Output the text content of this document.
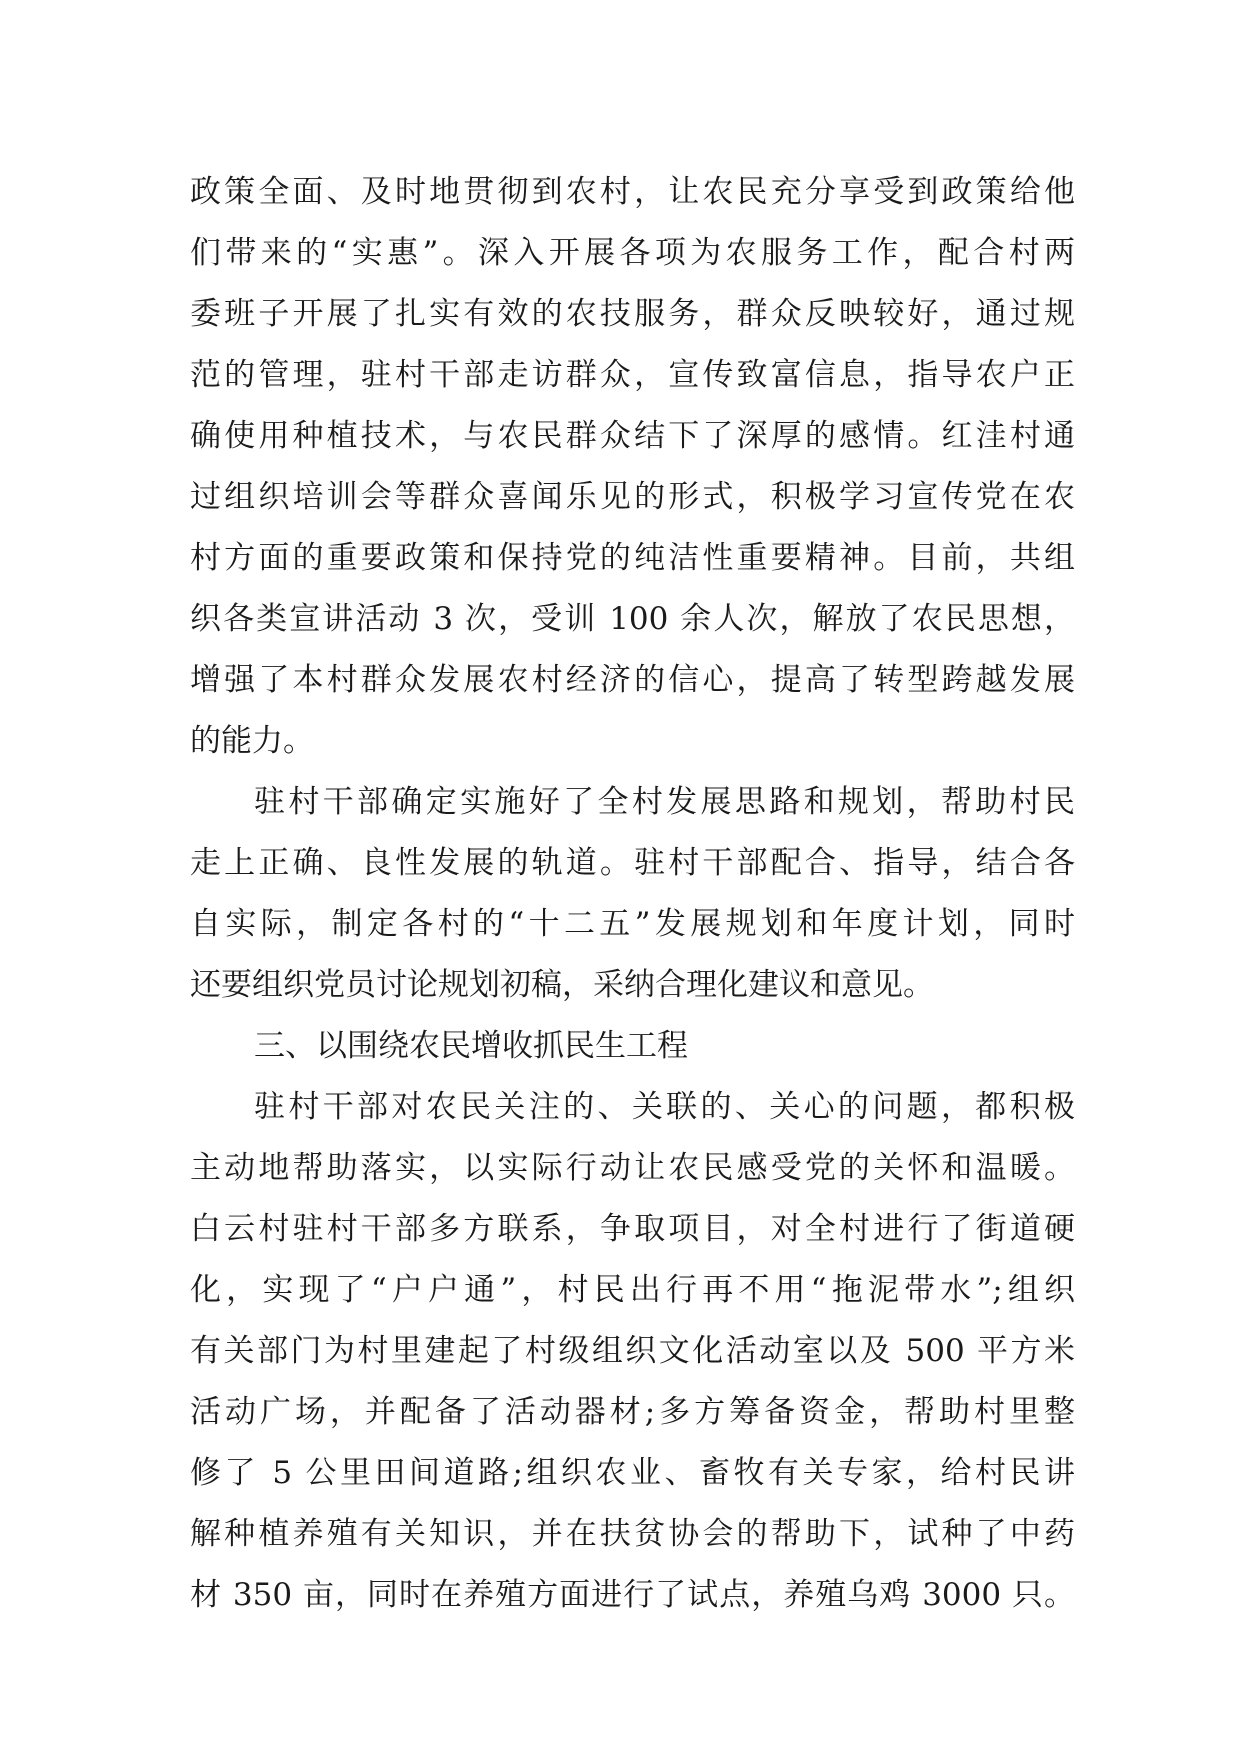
政策全面、及时地贯彻到农村，让农民充分享受到政策给他
们带来的“实惠”。深入开展各项为农服务工作，配合村两
委班子开展了扎实有效的农技服务，群众反映较好，通过规
范的管理，驻村干部走访群众，宣传致富信息，指导农户正
确使用种植技术，与农民群众结下了深厚的感情。红洼村通
过组织培训会等群众喜闻乐见的形式，积极学习宣传党在农
村方面的重要政策和保持党的纯洁性重要精神。目前，共组
织各类宣讲活动 3 次，受训 100 余人次，解放了农民思想，
增强了本村群众发展农村经济的信心，提高了转型跨越发展
的能力。
驻村干部确定实施好了全村发展思路和规划，帮助村民
走上正确、良性发展的轨道。驻村干部配合、指导，结合各
自实际，制定各村的“十二五”发展规划和年度计划，同时
还要组织党员讨论规划初稿，采纳合理化建议和意见。
三、以围绕农民增收抓民生工程
驻村干部对农民关注的、关联的、关心的问题，都积极
主动地帮助落实，以实际行动让农民感受党的关怀和温暖。
白云村驻村干部多方联系，争取项目，对全村进行了街道硬
化，实现了“户户通”，村民出行再不用“拖泥带水”;组织
有关部门为村里建起了村级组织文化活动室以及 500 平方米
活动广场，并配备了活动器材;多方筹备资金，帮助村里整
修了 5 公里田间道路;组织农业、畜牧有关专家，给村民讲
解种植养殖有关知识，并在扶贫协会的帮助下，试种了中药
材 350 亩，同时在养殖方面进行了试点，养殖乌鸡 3000 只。
